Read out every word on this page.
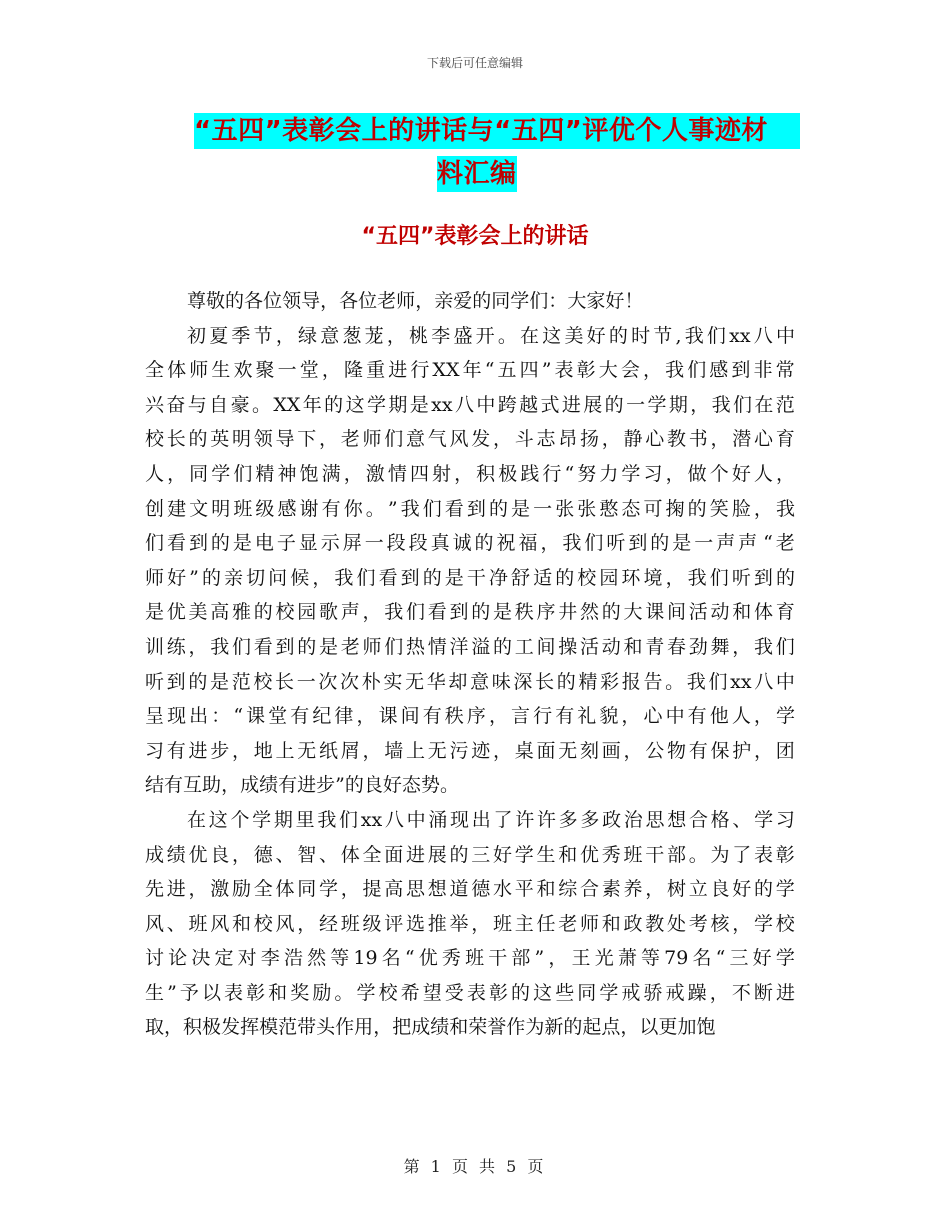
下载后可任意编辑
“五四”表彰会上的讲话与“五四”评优个人事迹材
料汇编
“五四”表彰会上的讲话
尊 敬 的 各 位 领 导 ， 各 位 老 师 ， 亲 爱 的 同 学 们 ： 大 家 好 ！
初 夏 季 节 ， 绿 意 葱 茏 ， 桃 李 盛 开 。 在 这 美 好 的 时 节 , 我 们 xx 八 中
全 体 师 生 欢 聚 一 堂 ， 隆 重 进 行 XX 年 “ 五 四 ” 表 彰 大 会 ， 我 们 感 到 非 常
兴 奋 与 自 豪 。 XX 年 的 这 学 期 是 xx 八 中 跨 越 式 进 展 的 一 学 期 ， 我 们 在 范
校 长 的 英 明 领 导 下 ， 老 师 们 意 气 风 发 ， 斗 志 昂 扬 ， 静 心 教 书 ， 潜 心 育
人 ， 同 学 们 精 神 饱 满 ， 激 情 四 射 ， 积 极 践 行 “ 努 力 学 习 ， 做 个 好 人 ，
创 建 文 明 班 级 感 谢 有 你 。 ” 我 们 看 到 的 是 一 张 张 憨 态 可 掬 的 笑 脸 ， 我
们 看 到 的 是 电 子 显 示 屏 一 段 段 真 诚 的 祝 福 ， 我 们 听 到 的 是 一 声 声 “ 老
师 好 ” 的 亲 切 问 候 ， 我 们 看 到 的 是 干 净 舒 适 的 校 园 环 境 ， 我 们 听 到 的
是 优 美 高 雅 的 校 园 歌 声 ， 我 们 看 到 的 是 秩 序 井 然 的 大 课 间 活 动 和 体 育
训 练 ， 我 们 看 到 的 是 老 师 们 热 情 洋 溢 的 工 间 操 活 动 和 青 春 劲 舞 ， 我 们
听 到 的 是 范 校 长 一 次 次 朴 实 无 华 却 意 味 深 长 的 精 彩 报 告 。 我 们 xx 八 中
呈 现 出 ： “ 课 堂 有 纪 律 ， 课 间 有 秩 序 ， 言 行 有 礼 貌 ， 心 中 有 他 人 ， 学
习 有 进 步 ， 地 上 无 纸 屑 ， 墙 上 无 污 迹 ， 桌 面 无 刻 画 ， 公 物 有 保 护 ， 团
结 有 互 助 ， 成 绩 有 进 步 ” 的 良 好 态 势 。
在 这 个 学 期 里 我 们 xx 八 中 涌 现 出 了 许 许 多 多 政 治 思 想 合 格 、 学 习
成 绩 优 良 ， 德 、 智 、 体 全 面 进 展 的 三 好 学 生 和 优 秀 班 干 部 。 为 了 表 彰
先 进 ， 激 励 全 体 同 学 ， 提 高 思 想 道 德 水 平 和 综 合 素 养 ， 树 立 良 好 的 学
风 、 班 风 和 校 风 ， 经 班 级 评 选 推 举 ， 班 主 任 老 师 和 政 教 处 考 核 ， 学 校
讨 论 决 定 对 李 浩 然 等 19 名 “ 优 秀 班 干 部 ” ， 王 光 萧 等 79 名 “ 三 好 学
生 ” 予 以 表 彰 和 奖 励 。 学 校 希 望 受 表 彰 的 这 些 同 学 戒 骄 戒 躁 ， 不 断 进
取 ， 积 极 发 挥 模 范 带 头 作 用 ， 把 成 绩 和 荣 誉 作 为 新 的 起 点 ， 以 更 加 饱
第 1 页 共 5 页
